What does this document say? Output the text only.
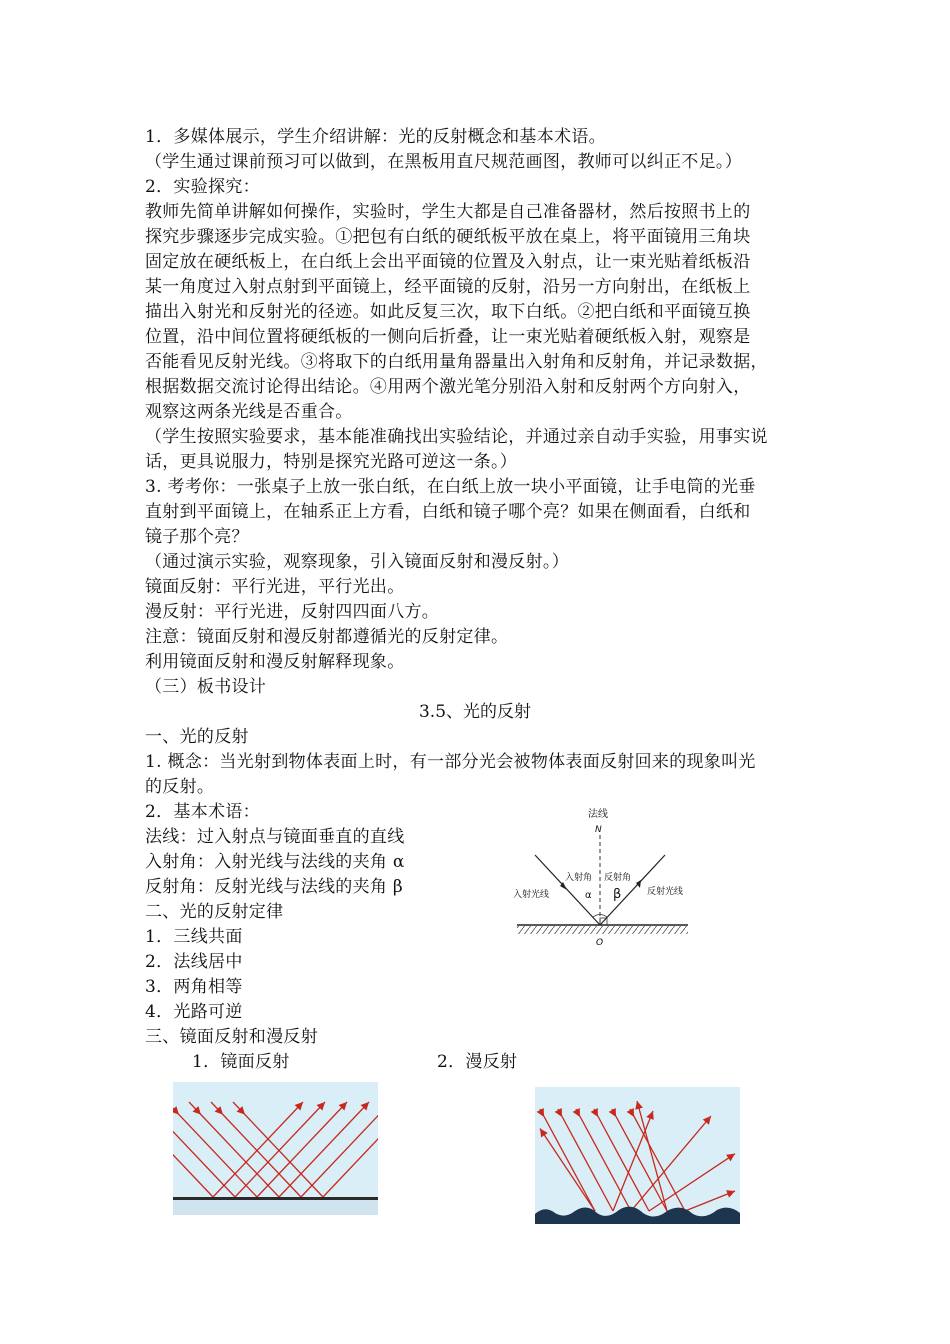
1．多媒体展示，学生介绍讲解：光的反射概念和基本术语。
（学生通过课前预习可以做到，在黑板用直尺规范画图，教师可以纠正不足。）
2．实验探究：
教师先简单讲解如何操作，实验时，学生大都是自己准备器材，然后按照书上的
探究步骤逐步完成实验。①把包有白纸的硬纸板平放在桌上，将平面镜用三角块
固定放在硬纸板上，在白纸上会出平面镜的位置及入射点，让一束光贴着纸板沿
某一角度过入射点射到平面镜上，经平面镜的反射，沿另一方向射出，在纸板上
描出入射光和反射光的径迹。如此反复三次，取下白纸。②把白纸和平面镜互换
位置，沿中间位置将硬纸板的一侧向后折叠，让一束光贴着硬纸板入射，观察是
否能看见反射光线。③将取下的白纸用量角器量出入射角和反射角，并记录数据，
根据数据交流讨论得出结论。④用两个激光笔分别沿入射和反射两个方向射入，
观察这两条光线是否重合。
（学生按照实验要求，基本能准确找出实验结论，并通过亲自动手实验，用事实说
话，更具说服力，特别是探究光路可逆这一条。）
3. 考考你：一张桌子上放一张白纸，在白纸上放一块小平面镜，让手电筒的光垂
直射到平面镜上，在轴系正上方看，白纸和镜子哪个亮？如果在侧面看，白纸和
镜子那个亮？
（通过演示实验，观察现象，引入镜面反射和漫反射。）
镜面反射：平行光进，平行光出。
漫反射：平行光进，反射四四面八方。
注意：镜面反射和漫反射都遵循光的反射定律。
利用镜面反射和漫反射解释现象。
（三）板书设计
3.5、光的反射
一、光的反射
1. 概念：当光射到物体表面上时，有一部分光会被物体表面反射回来的现象叫光
的反射。
2．基本术语：
法线：过入射点与镜面垂直的直线
入射角：入射光线与法线的夹角 α
反射角：反射光线与法线的夹角 β
二、光的反射定律
1．三线共面
2．法线居中
3．两角相等
4．光路可逆
三、镜面反射和漫反射
1．镜面反射	2．漫反射
法线
N
入射角 反射角
入射光线	反射光线
α β
O
